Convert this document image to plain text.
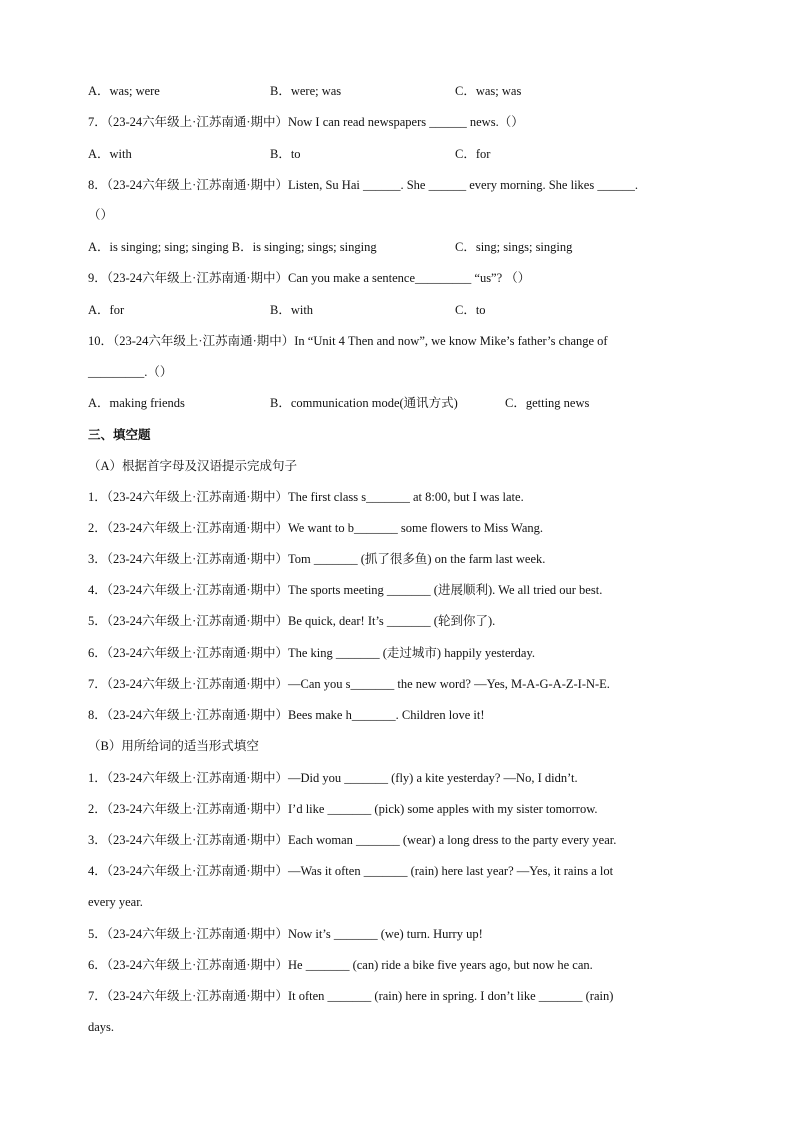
A．was; were	B．were; was	C．was; was
7．（23-24六年级上·江苏南通·期中）Now I can read newspapers ______ news.（）
A．with	B．to	C．for
8．（23-24六年级上·江苏南通·期中）Listen, Su Hai ______. She ______ every morning. She likes ______.
（）
A．is singing; sing; singing B．is singing; sings; singing	C．sing; sings; singing
9．（23-24六年级上·江苏南通·期中）Can you make a sentence_________ “us”? （）
A．for	B．with	C．to
10．（23-24六年级上·江苏南通·期中）In “Unit 4 Then and now”, we know Mike’s father’s change of
_________.（）
A．making friends	B．communication mode(通讯方式)	C．getting news
三、填空题
（A）根据首字母及汉语提示完成句子
1．（23-24六年级上·江苏南通·期中）The first class s_______ at 8:00, but I was late.
2．（23-24六年级上·江苏南通·期中）We want to b_______ some flowers to Miss Wang.
3．（23-24六年级上·江苏南通·期中）Tom _______ (抓了很多鱼) on the farm last week.
4．（23-24六年级上·江苏南通·期中）The sports meeting _______ (进展顺利). We all tried our best.
5．（23-24六年级上·江苏南通·期中）Be quick, dear! It’s _______ (轮到你了).
6．（23-24六年级上·江苏南通·期中）The king _______ (走过城市) happily yesterday.
7．（23-24六年级上·江苏南通·期中）—Can you s_______ the new word? —Yes, M-A-G-A-Z-I-N-E.
8．（23-24六年级上·江苏南通·期中）Bees make h_______. Children love it!
（B）用所给词的适当形式填空
1．（23-24六年级上·江苏南通·期中）—Did you _______ (fly) a kite yesterday? —No, I didn’t.
2．（23-24六年级上·江苏南通·期中）I’d like _______ (pick) some apples with my sister tomorrow.
3．（23-24六年级上·江苏南通·期中）Each woman _______ (wear) a long dress to the party every year.
4．（23-24六年级上·江苏南通·期中）—Was it often _______ (rain) here last year? —Yes, it rains a lot
every year.
5．（23-24六年级上·江苏南通·期中）Now it’s _______ (we) turn. Hurry up!
6．（23-24六年级上·江苏南通·期中）He _______ (can) ride a bike five years ago, but now he can.
7．（23-24六年级上·江苏南通·期中）It often _______ (rain) here in spring. I don’t like _______ (rain)
days.
